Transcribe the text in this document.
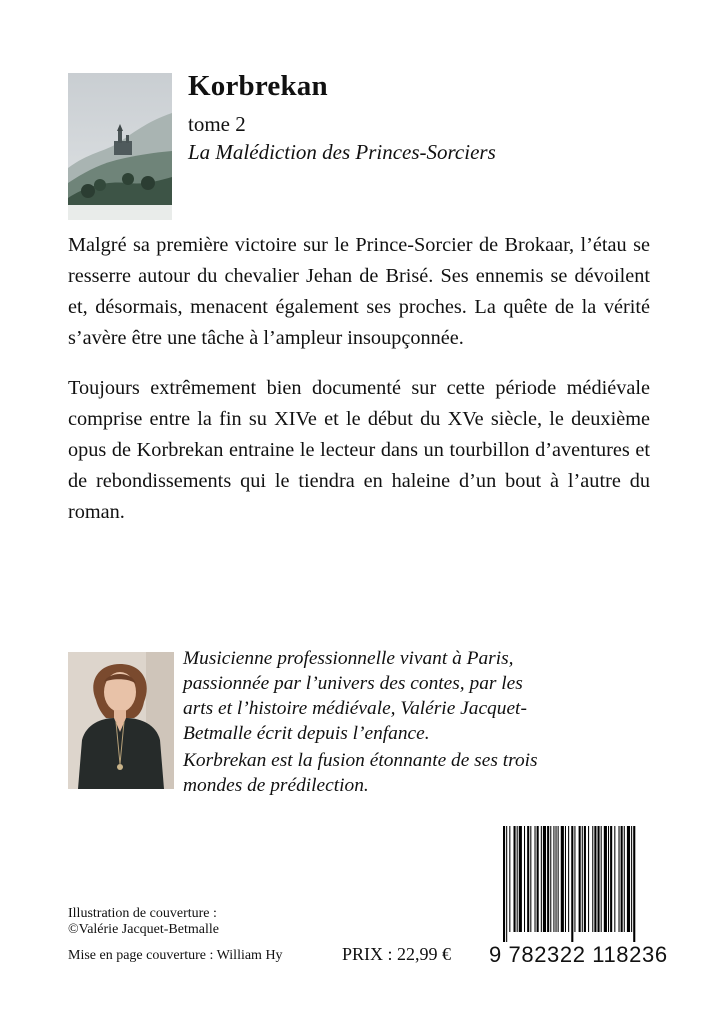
Korbrekan
tome 2
La Malédiction des Princes-Sorciers

Malgré sa première victoire sur le Prince-Sorcier de Brokaar, l’étau se resserre autour du chevalier Jehan de Brisé. Ses ennemis se dévoilent et, désormais, menacent également ses proches. La quête de la vérité s’avère être une tâche à l’ampleur insoupçonnée.

Toujours extrêmement bien documenté sur cette période médiévale comprise entre la fin su XIVe et le début du XVe siècle, le deuxième opus de Korbrekan entraine le lecteur dans un tourbillon d’aventures et de rebondissements qui le tiendra en haleine d’un bout à l’autre du roman.

Musicienne professionnelle vivant à Paris, passionnée par l’univers des contes, par les arts et l’histoire médiévale, Valérie Jacquet-Betmalle écrit depuis l’enfance.

Korbrekan est la fusion étonnante de ses trois mondes de prédilection.

Illustration de couverture :
©Valérie Jacquet-Betmalle
Mise en page couverture : William Hy	PRIX : 22,99 € 9 782322 118236
